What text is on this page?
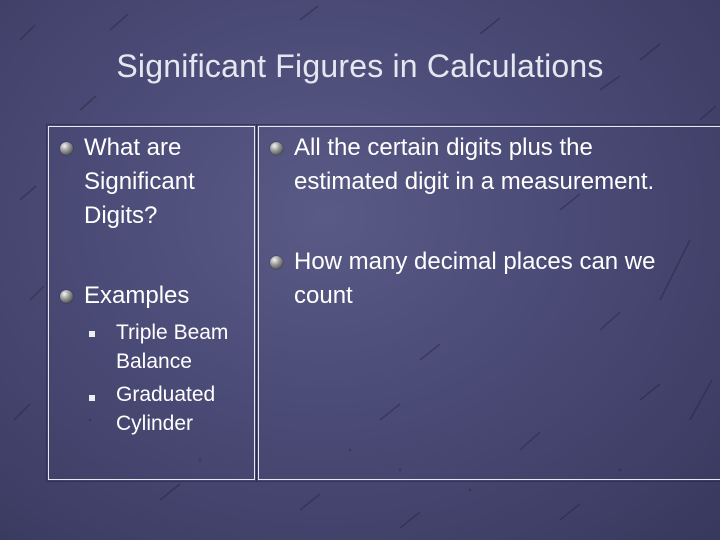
Significant Figures in Calculations
What are
Significant
Digits?
Examples
Triple Beam
Balance
Graduated
Cylinder
All the certain digits plus the
estimated digit in a measurement.
How many decimal places can we
count
